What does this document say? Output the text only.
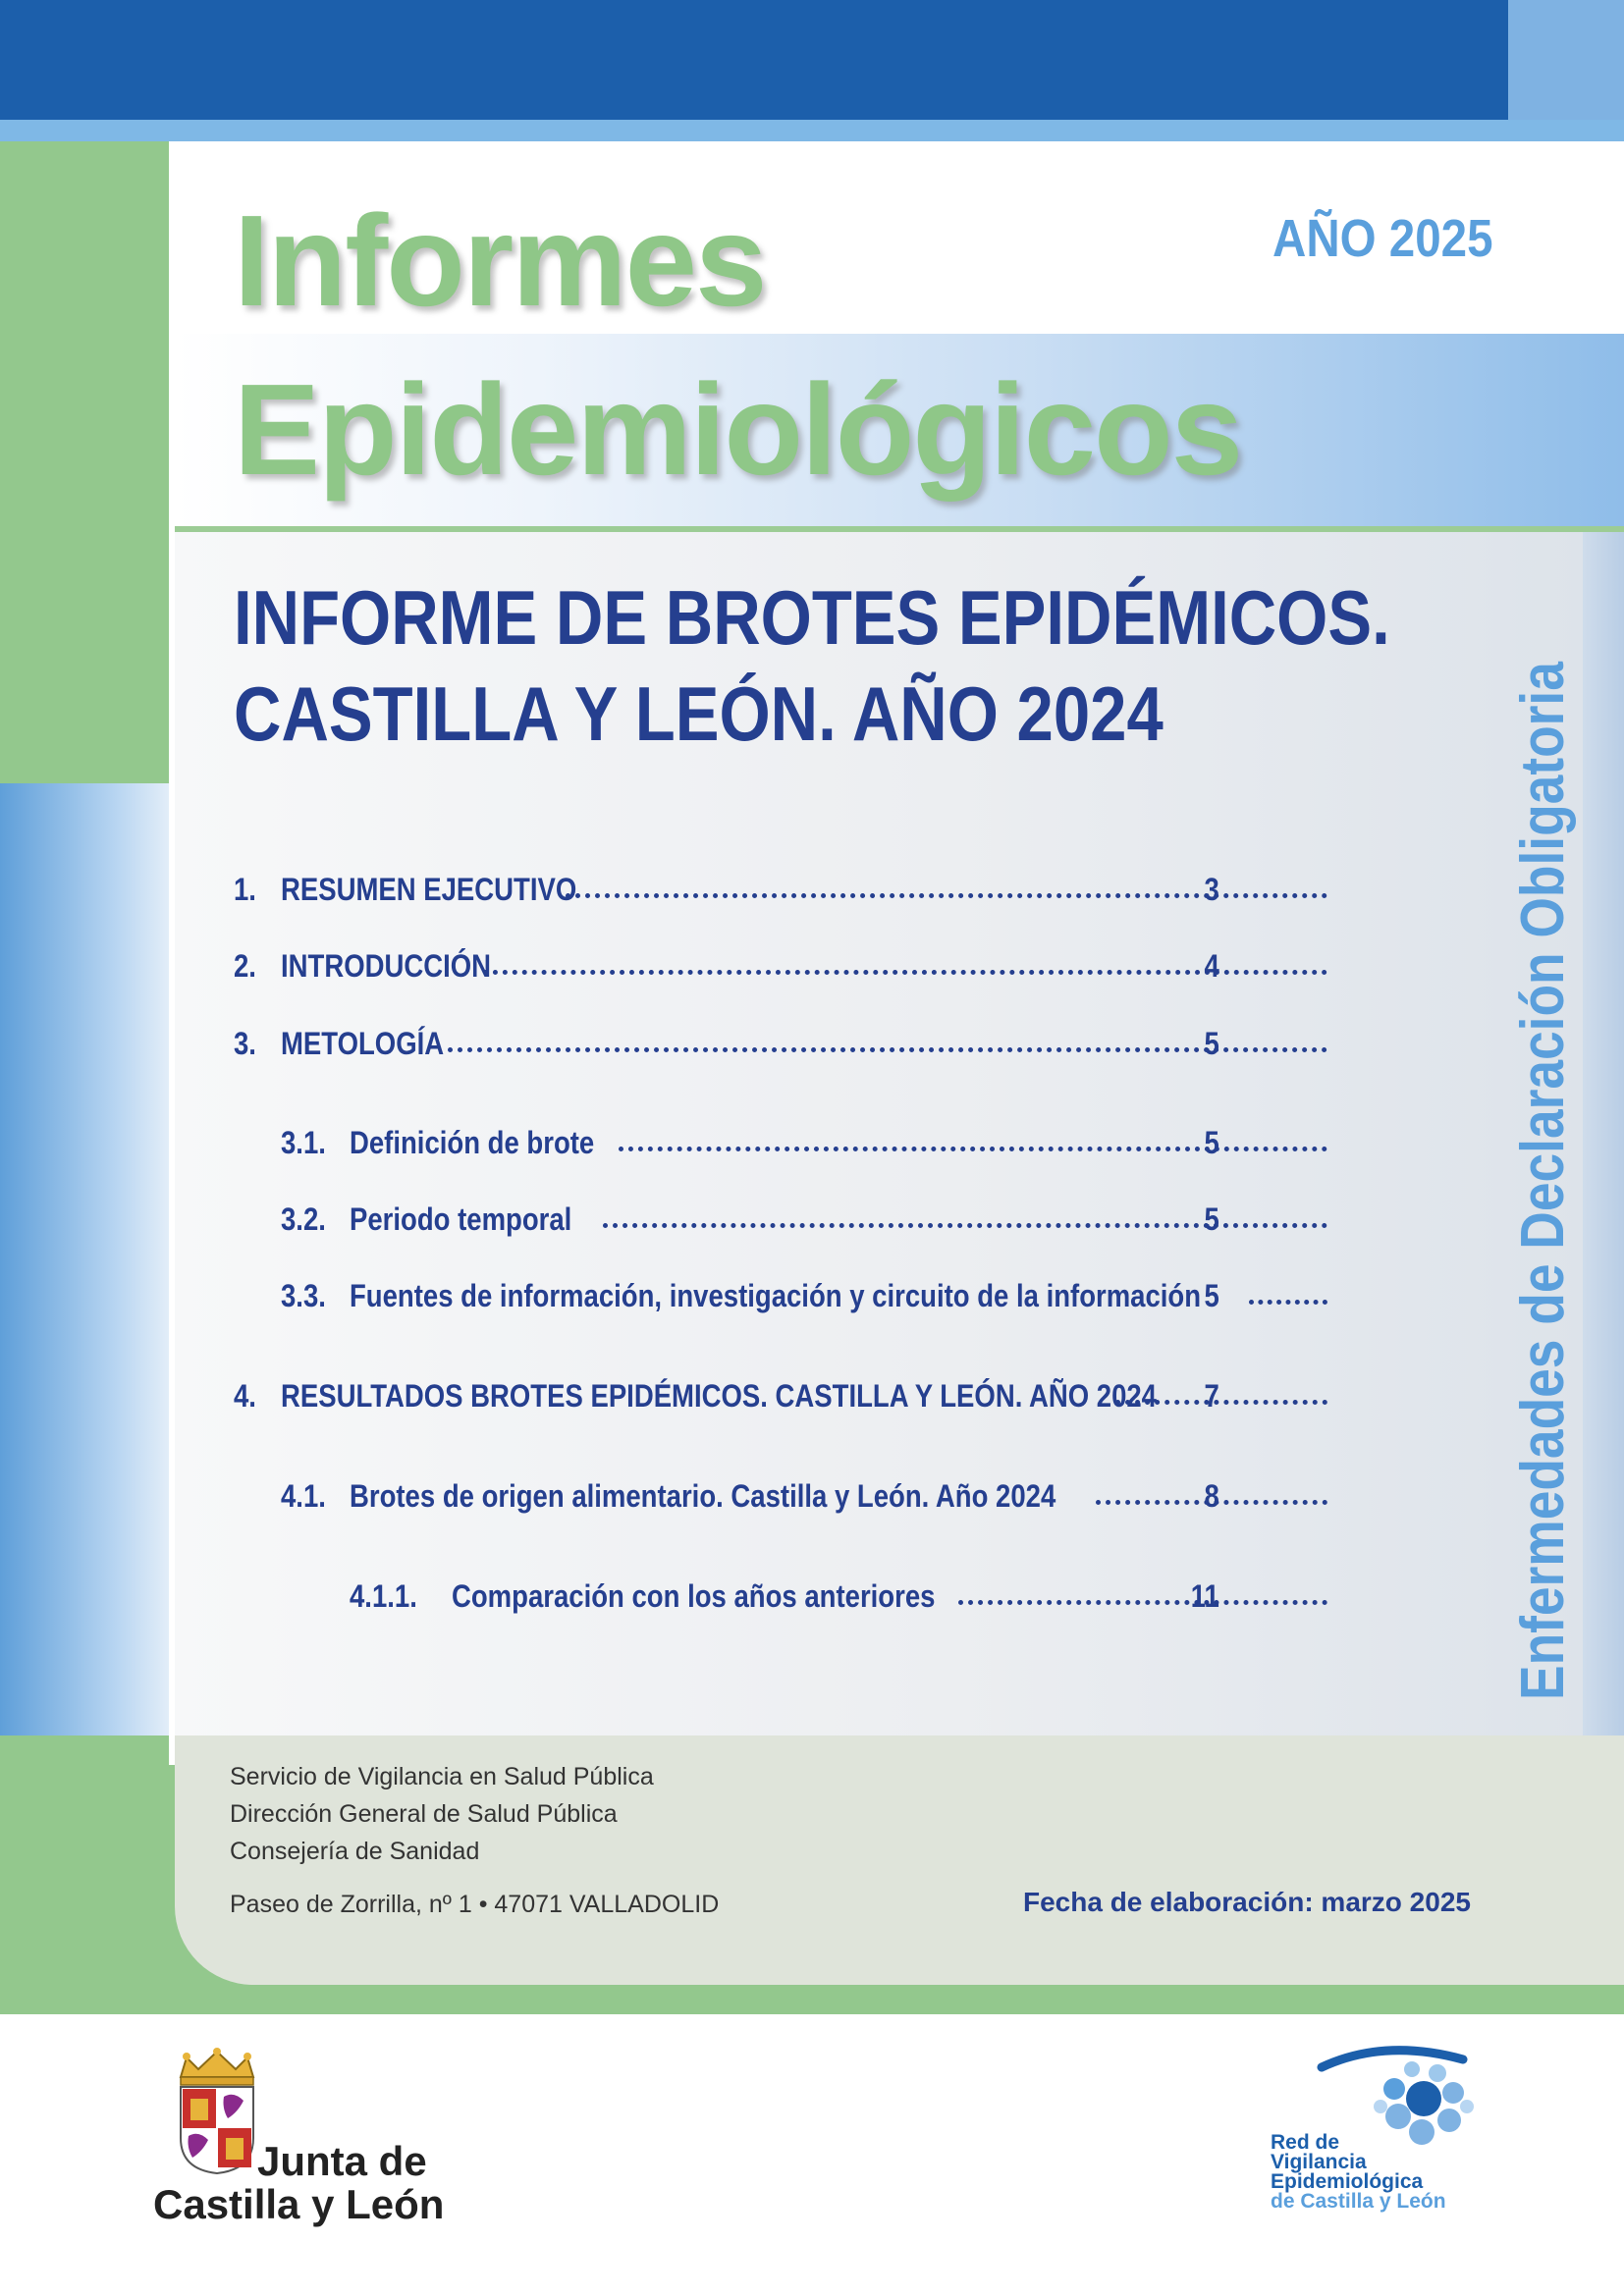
Informes
Epidemiológicos
AÑO 2025
INFORME DE BROTES EPIDÉMICOS.
CASTILLA Y LEÓN. AÑO 2024
1. RESUMEN EJECUTIVO	3
2. INTRODUCCIÓN	4
3. METOLOGÍA	5
3.1. Definición de brote	5
3.2. Periodo temporal	5
3.3. Fuentes de información, investigación y circuito de la información 5
4. RESULTADOS BROTES EPIDÉMICOS. CASTILLA Y LEÓN. AÑO 2024 7
4.1. Brotes de origen alimentario. Castilla y León. Año 2024	8
4.1.1. Comparación con los años anteriores	11	Enfermedades de Declaración Obligatoria
Servicio de Vigilancia en Salud Pública
Dirección General de Salud Pública
Consejería de Sanidad
Paseo de Zorrilla, nº 1 • 47071 VALLADOLID	Fecha de elaboración: marzo 2025
Junta de
Castilla y León
Red de
Vigilancia
Epidemiológica
de Castilla y León
